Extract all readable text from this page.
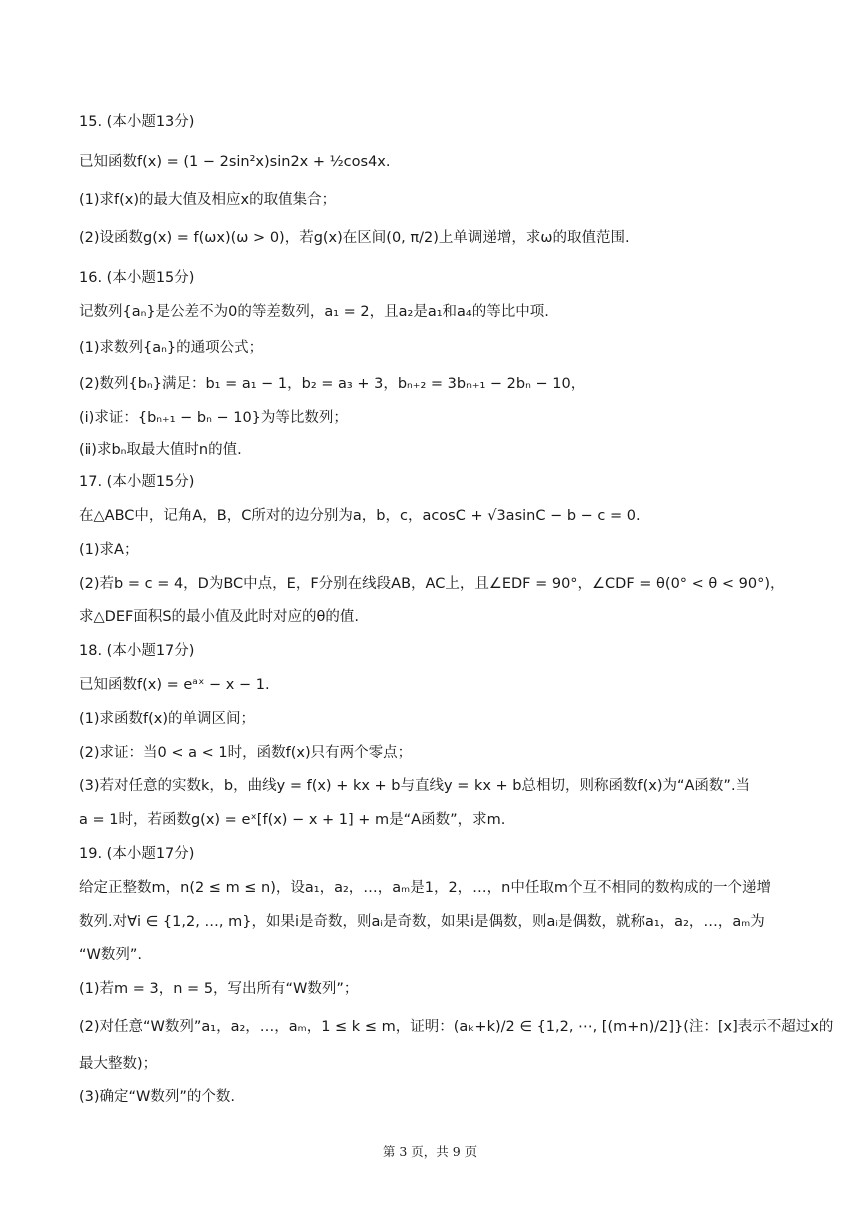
15. (本小题13分)
已知函数f(x) = (1 − 2sin²x)sin2x + ½cos4x.
(1)求f(x)的最大值及相应x的取值集合；
(2)设函数g(x) = f(ωx)(ω > 0)，若g(x)在区间(0, π/2)上单调递增，求ω的取值范围.
16. (本小题15分)
记数列{aₙ}是公差不为0的等差数列，a₁ = 2，且a₂是a₁和a₄的等比中项.
(1)求数列{aₙ}的通项公式；
(2)数列{bₙ}满足：b₁ = a₁ − 1，b₂ = a₃ + 3，bₙ₊₂ = 3bₙ₊₁ − 2bₙ − 10，
(i)求证：{bₙ₊₁ − bₙ − 10}为等比数列；
(ⅱ)求bₙ取最大值时n的值.
17. (本小题15分)
在△ABC中，记角A，B，C所对的边分别为a，b，c，acosC + √3asinC − b − c = 0.
(1)求A；
(2)若b = c = 4，D为BC中点，E，F分别在线段AB，AC上，且∠EDF = 90°，∠CDF = θ(0° < θ < 90°)，
求△DEF面积S的最小值及此时对应的θ的值.
18. (本小题17分)
已知函数f(x) = eᵃˣ − x − 1.
(1)求函数f(x)的单调区间；
(2)求证：当0 < a < 1时，函数f(x)只有两个零点；
(3)若对任意的实数k，b，曲线y = f(x) + kx + b与直线y = kx + b总相切，则称函数f(x)为“A函数”.当
a = 1时，若函数g(x) = eˣ[f(x) − x + 1] + m是“A函数”，求m.
19. (本小题17分)
给定正整数m，n(2 ≤ m ≤ n)，设a₁，a₂，…，aₘ是1，2，…，n中任取m个互不相同的数构成的一个递增
数列.对∀i ∈ {1,2, …, m}，如果i是奇数，则aᵢ是奇数，如果i是偶数，则aᵢ是偶数，就称a₁，a₂，…，aₘ为
“W数列”.
(1)若m = 3，n = 5，写出所有“W数列”；
(2)对任意“W数列”a₁，a₂，…，aₘ，1 ≤ k ≤ m，证明：(aₖ+k)/2 ∈ {1,2, ⋯, [(m+n)/2]}(注：[x]表示不超过x的
最大整数)；
(3)确定“W数列”的个数.
第 3 页，共 9 页
